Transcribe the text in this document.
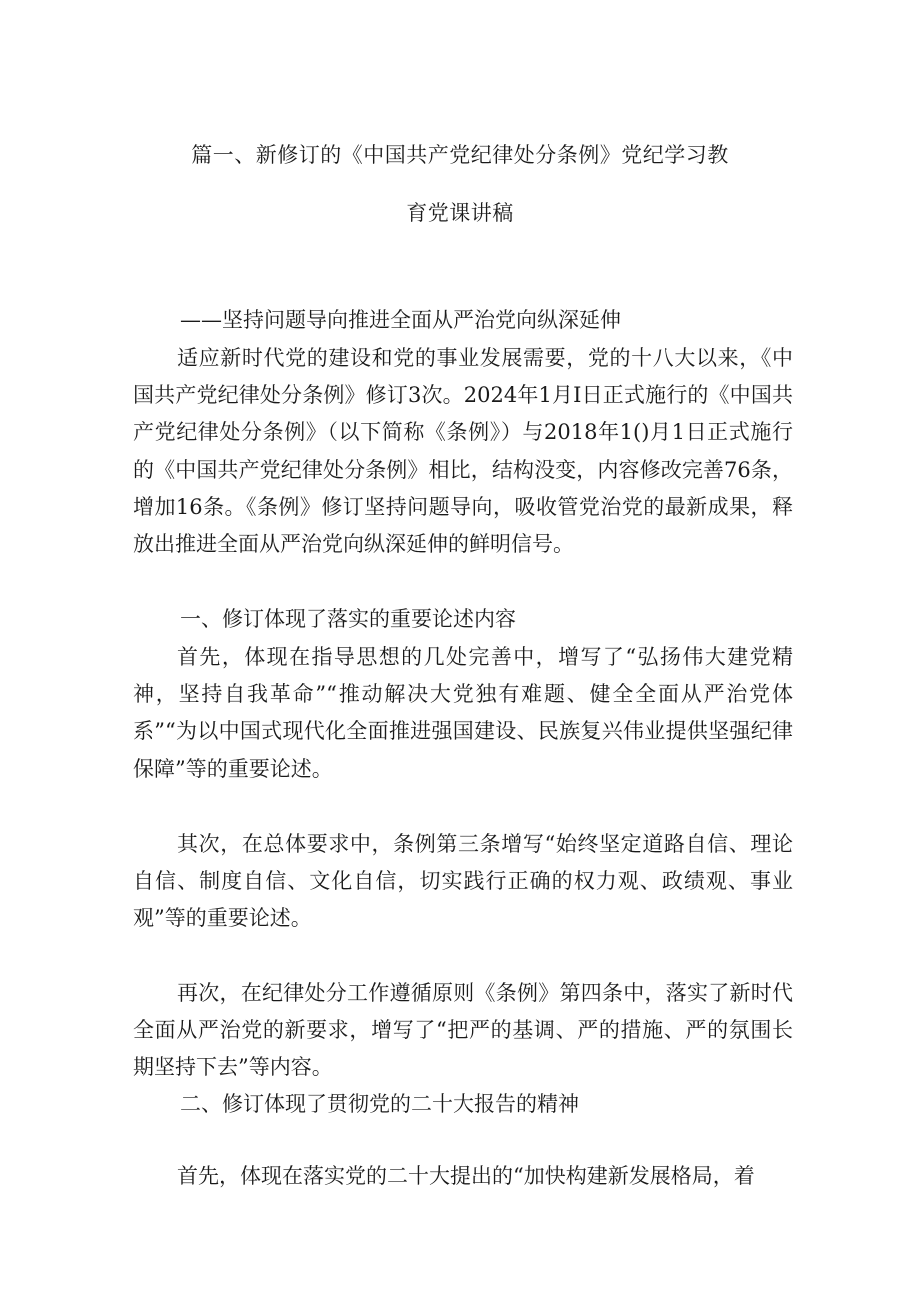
篇一、新修订的《中国共产党纪律处分条例》党纪学习教
育党课讲稿
——坚持问题导向推进全面从严治党向纵深延伸
适应新时代党的建设和党的事业发展需要，党的十八大以来，《中国共产党纪律处分条例》修订3次。2024年1月I日正式施行的《中国共产党纪律处分条例》（以下简称《条例》）与2018年1()月1日正式施行的《中国共产党纪律处分条例》相比，结构没变，内容修改完善76条，增加16条。《条例》修订坚持问题导向，吸收管党治党的最新成果，释放出推进全面从严治党向纵深延伸的鲜明信号。
一、修订体现了落实的重要论述内容
首先，体现在指导思想的几处完善中，增写了“弘扬伟大建党精神，坚持自我革命”“推动解决大党独有难题、健全全面从严治党体系”“为以中国式现代化全面推进强国建设、民族复兴伟业提供坚强纪律保障”等的重要论述。
其次，在总体要求中，条例第三条增写“始终坚定道路自信、理论自信、制度自信、文化自信，切实践行正确的权力观、政绩观、事业观”等的重要论述。
再次，在纪律处分工作遵循原则《条例》第四条中，落实了新时代全面从严治党的新要求，增写了“把严的基调、严的措施、严的氛围长期坚持下去”等内容。
二、修订体现了贯彻党的二十大报告的精神
首先，体现在落实党的二十大提出的“加快构建新发展格局，着
